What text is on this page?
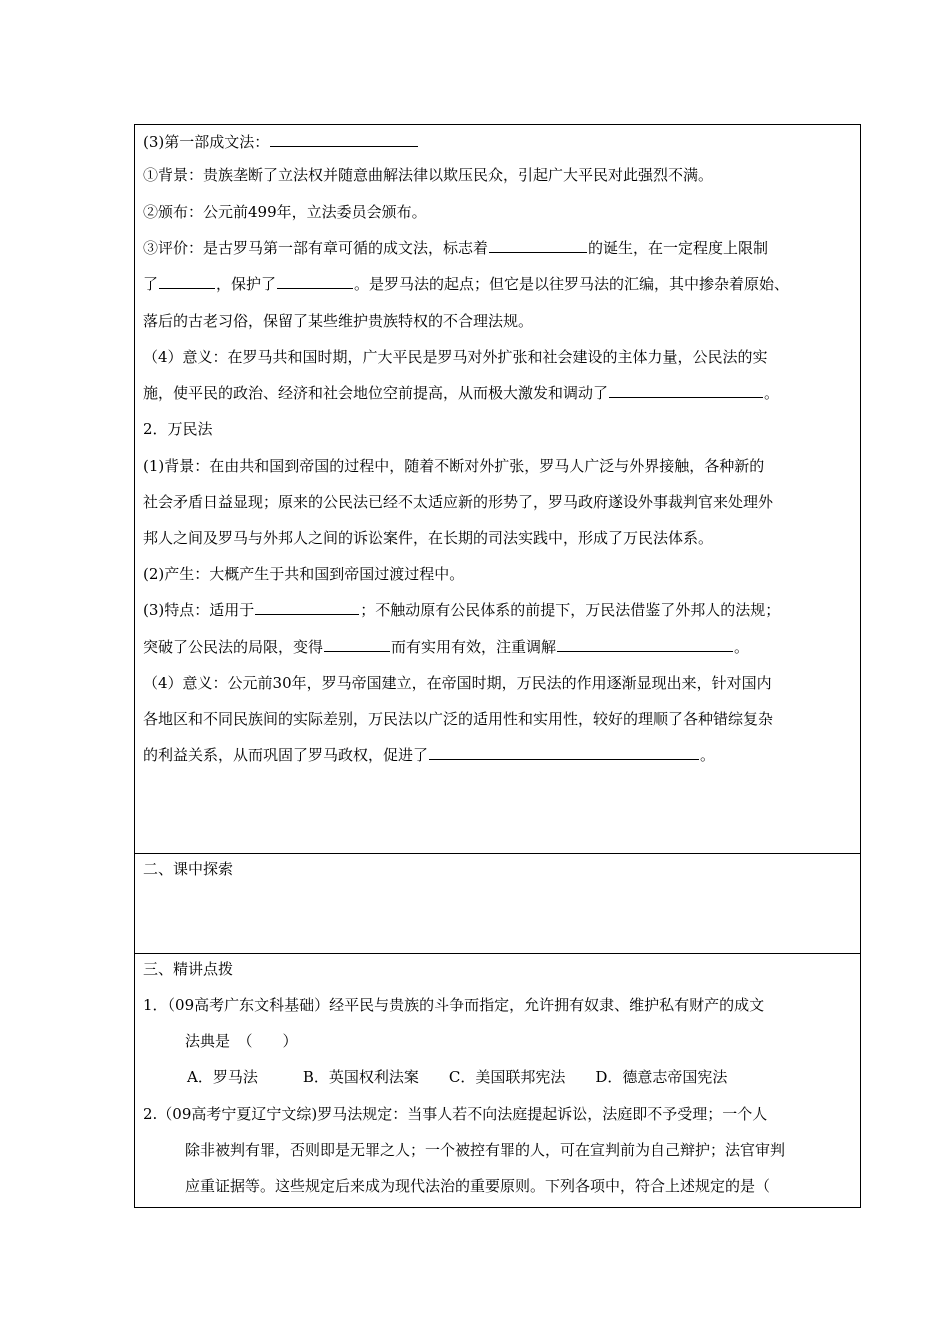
(3)第一部成文法：
①背景：贵族垄断了立法权并随意曲解法律以欺压民众，引起广大平民对此强烈不满。
②颁布：公元前499年，立法委员会颁布。
③评价：是古罗马第一部有章可循的成文法，标志着	的诞生，在一定程度上限制
了	，保护了	。是罗马法的起点；但它是以往罗马法的汇编，其中掺杂着原始、
落后的古老习俗，保留了某些维护贵族特权的不合理法规。
（4）意义：在罗马共和国时期，广大平民是罗马对外扩张和社会建设的主体力量，公民法的实
施，使平民的政治、经济和社会地位空前提高，从而极大激发和调动了	。
2．万民法
(1)背景：在由共和国到帝国的过程中，随着不断对外扩张，罗马人广泛与外界接触，各种新的
社会矛盾日益显现；原来的公民法已经不太适应新的形势了，罗马政府遂设外事裁判官来处理外
邦人之间及罗马与外邦人之间的诉讼案件，在长期的司法实践中，形成了万民法体系。
(2)产生：大概产生于共和国到帝国过渡过程中。
(3)特点：适用于	；不触动原有公民体系的前提下，万民法借鉴了外邦人的法规；
突破了公民法的局限，变得	而有实用有效，注重调解	。
（4）意义：公元前30年，罗马帝国建立，在帝国时期，万民法的作用逐渐显现出来，针对国内
各地区和不同民族间的实际差别，万民法以广泛的适用性和实用性，较好的理顺了各种错综复杂
的利益关系，从而巩固了罗马政权，促进了	。
二、课中探索
三、精讲点拨
1．（09高考广东文科基础）经平民与贵族的斗争而指定，允许拥有奴隶、维护私有财产的成文
法典是　（　　）
A．罗马法　　　B．英国权利法案　　C．美国联邦宪法　　D．德意志帝国宪法
2.（09高考宁夏辽宁文综)罗马法规定：当事人若不向法庭提起诉讼，法庭即不予受理；一个人
除非被判有罪，否则即是无罪之人；一个被控有罪的人，可在宣判前为自己辩护；法官审判
应重证据等。这些规定后来成为现代法治的重要原则。下列各项中，符合上述规定的是（
